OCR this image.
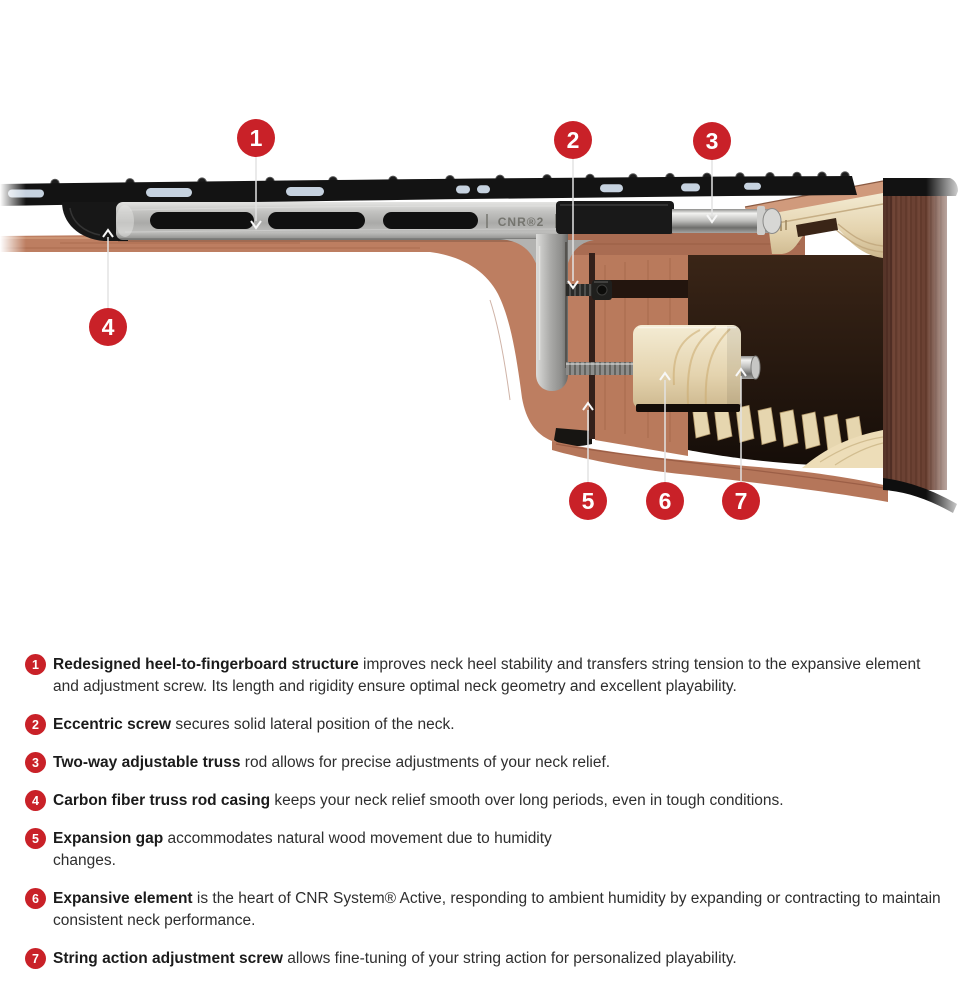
CNR®2
1	2	3
4
5	6	7
1 Redesigned heel-to-fingerboard structure improves neck heel stability and transfers string tension to the expansive element and adjustment screw. Its length and rigidity ensure optimal neck geometry and excellent playability.

2 Eccentric screw secures solid lateral position of the neck.

3 Two-way adjustable truss rod allows for precise adjustments of your neck relief.

4 Carbon fiber truss rod casing keeps your neck relief smooth over long periods, even in tough conditions.

5 Expansion gap accommodates natural wood movement due to humidity
changes.

6 Expansive element is the heart of CNR System® Active, responding to ambient humidity by expanding or contracting to maintain consistent neck performance.

7 String action adjustment screw allows fine-tuning of your string action for personalized playability.
